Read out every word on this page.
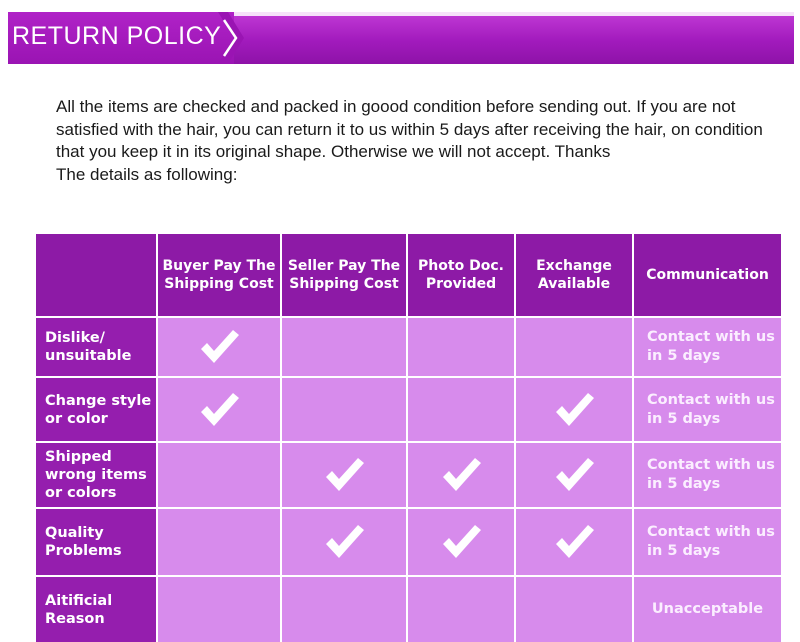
RETURN POLICY

All the items are checked and packed in goood condition before sending out. If you are not satisfied with the hair, you can return it to us within 5 days after receiving the hair, on condition that you keep it in its original shape. Otherwise we will not accept. Thanks

The details as following:

Buyer Pay The Shipping Cost
Seller Pay The Shipping Cost
Photo Doc. Provided
Exchange Available
Communication
Dislike/ unsuitable
Contact with us in 5 days
Change style or color
Contact with us in 5 days
Shipped wrong items or colors
Contact with us in 5 days
Quality Problems
Contact with us in 5 days
Aitificial Reason
Unacceptable
